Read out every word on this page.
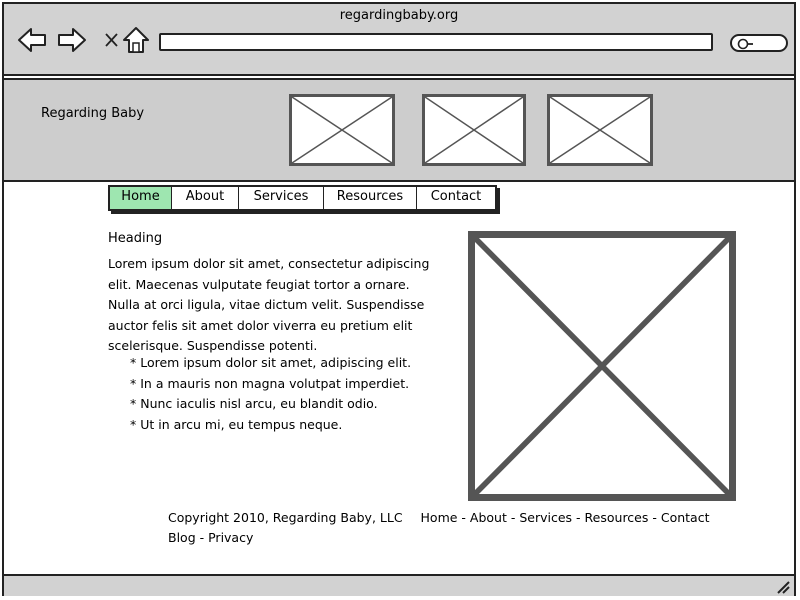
regardingbaby.org
Regarding Baby
Home	About	Services	Resources	Contact
Heading
Lorem ipsum dolor sit amet, consectetur adipiscing elit. Maecenas vulputate feugiat tortor a ornare. Nulla at orci ligula, vitae dictum velit. Suspendisse auctor felis sit amet dolor viverra eu pretium elit scelerisque. Suspendisse potenti.
* Lorem ipsum dolor sit amet, adipiscing elit.
* In a mauris non magna volutpat imperdiet.
* Nunc iaculis nisl arcu, eu blandit odio.
* Ut in arcu mi, eu tempus neque.
Copyright 2010, Regarding Baby, LLC Home - About - Services - Resources - Contact
Blog - Privacy
